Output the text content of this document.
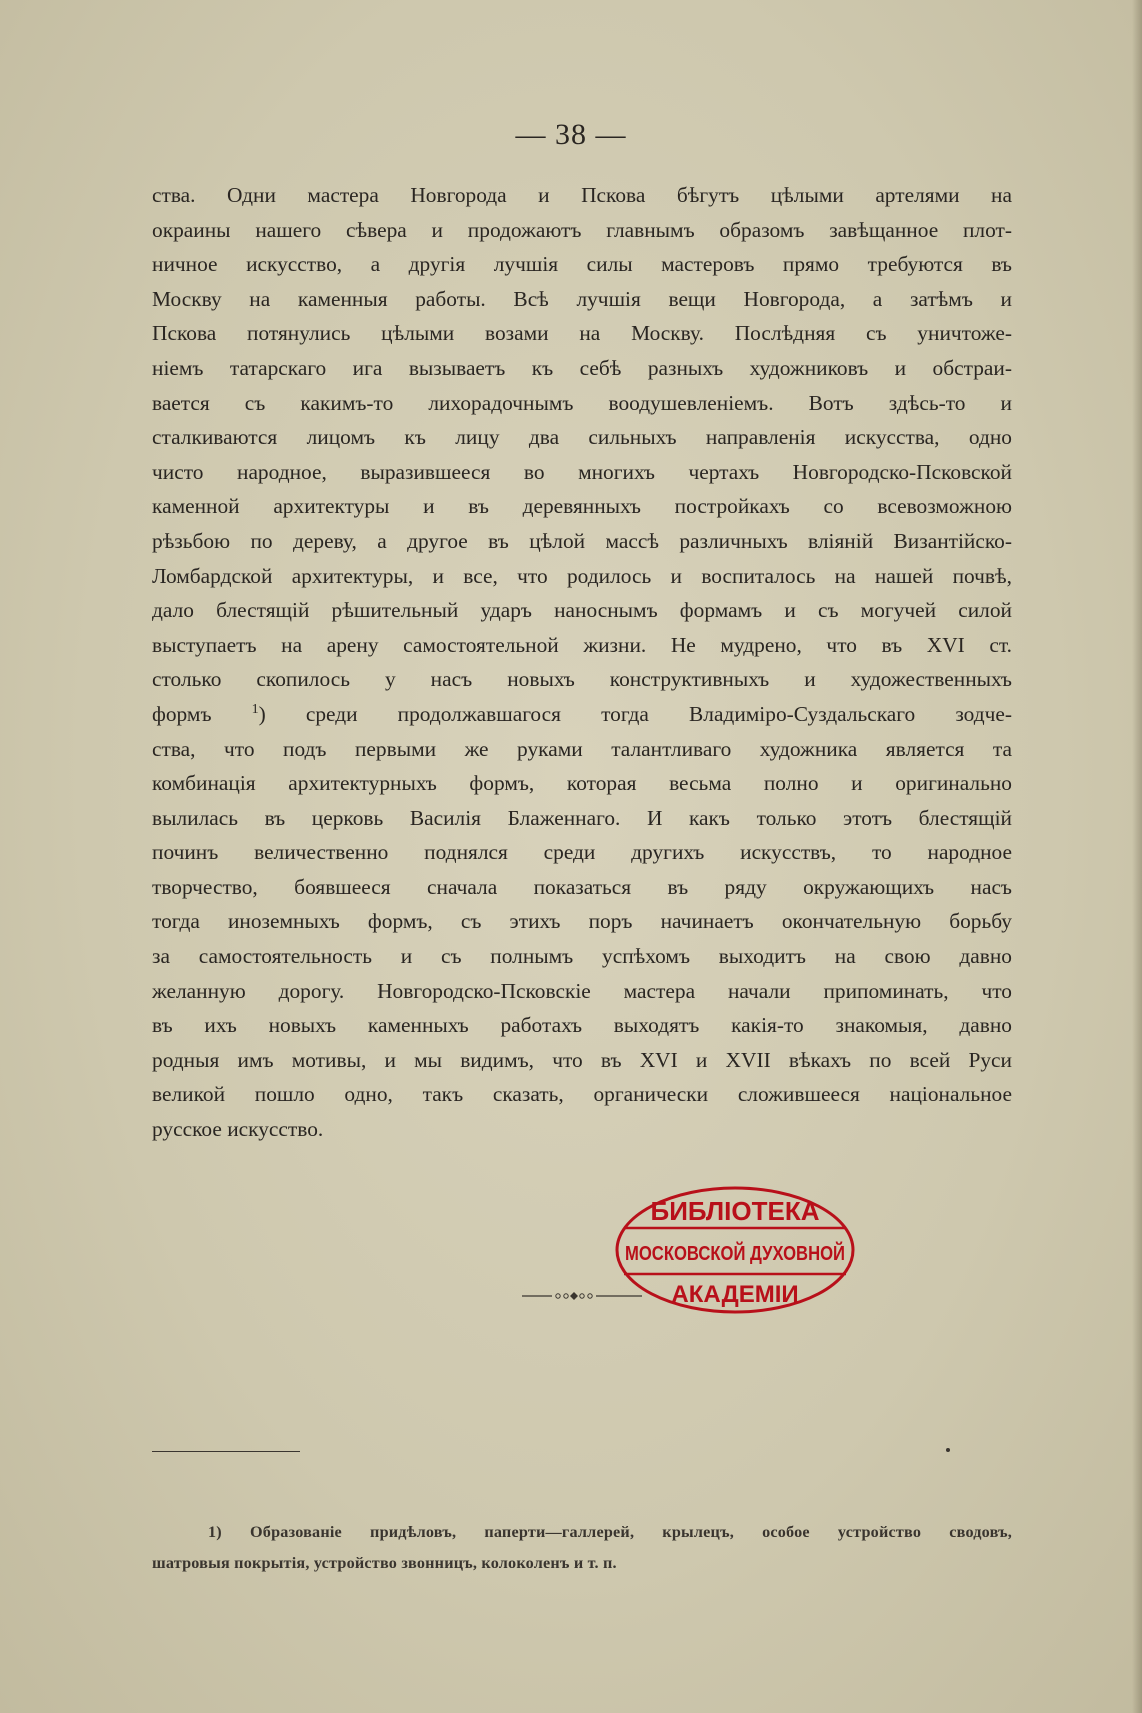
— 38 —
ства. Одни мастера Новгорода и Пскова бѣгутъ цѣлыми артелями на
окраины нашего сѣвера и продожаютъ главнымъ образомъ завѣщанное плот-
ничное искусство, а другія лучшія силы мастеровъ прямо требуются въ
Москву на каменныя работы. Всѣ лучшія вещи Новгорода, а затѣмъ и
Пскова потянулись цѣлыми возами на Москву. Послѣдняя съ уничтоже-
ніемъ татарскаго ига вызываетъ къ себѣ разныхъ художниковъ и обстраи-
вается съ какимъ-то лихорадочнымъ воодушевленіемъ. Вотъ здѣсь-то и
сталкиваются лицомъ къ лицу два сильныхъ направленія искусства, одно
чисто народное, выразившееся во многихъ чертахъ Новгородско-Псковской
каменной архитектуры и въ деревянныхъ постройкахъ со всевозможною
рѣзьбою по дереву, а другое въ цѣлой массѣ различныхъ вліяній Византійско-
Ломбардской архитектуры, и все, что родилось и воспиталось на нашей почвѣ,
дало блестящій рѣшительный ударъ наноснымъ формамъ и съ могучей силой
выступаетъ на арену самостоятельной жизни. Не мудрено, что въ XVI ст.
столько скопилось у насъ новыхъ конструктивныхъ и художественныхъ
формъ	$^1$) среди продолжавшагося тогда Владиміро-Суздальскаго зодче-
ства, что подъ первыми же руками талантливаго художника является та
комбинація архитектурныхъ формъ, которая весьма полно и оригинально
вылилась въ церковь Василія Блаженнаго. И какъ только этотъ блестящій
починъ величественно поднялся среди другихъ искусствъ, то народное
творчество, боявшееся сначала показаться въ ряду окружающихъ насъ
тогда иноземныхъ формъ, съ этихъ поръ начинаетъ окончательную борьбу
за самостоятельность и съ полнымъ успѣхомъ выходитъ на свою давно
желанную дорогу. Новгородско-Псковскіе мастера начали припоминать, что
въ ихъ новыхъ каменныхъ работахъ выходятъ какія-то знакомыя, давно
родныя имъ мотивы, и мы видимъ, что въ XVI и XVII вѣкахъ по всей Руси
великой пошло одно, такъ сказать, органически сложившееся національное
русское искусство.
БИБЛІОТЕКА
МОСКОВСКОЙ ДУХОВНОЙ
АКАДЕМІИ
1) Образованіе придѣловъ, паперти—галлерей, крылецъ, особое устройство сводовъ,
шатровыя покрытія, устройство звонницъ, колоколенъ и т. п.
